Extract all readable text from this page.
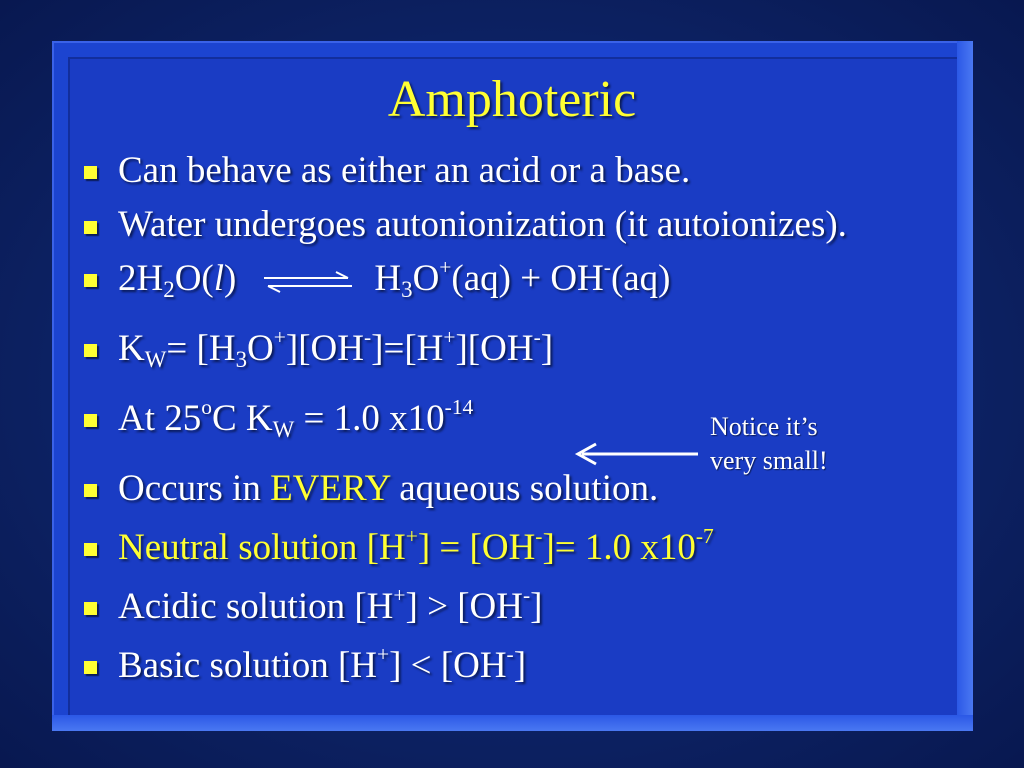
Amphoteric
Can behave as either an acid or a base.
Water undergoes autonionization (it autoionizes).
$2H_2O(l)$ ⇌ $H_3O^+(aq) + OH^-(aq)$
$K_W= [H_3O^+][OH^-]=[H^+][OH^-]$
At 25$^o$C $K_W = 1.0$ $x10^{-14}$
Occurs in EVERY aqueous solution.
Neutral solution [H+] = [OH-]= 1.0 $x10^{-7}$
Acidic solution [H+] > [OH-]
Basic solution [H+] < [OH-]
Notice it’s
very small!
